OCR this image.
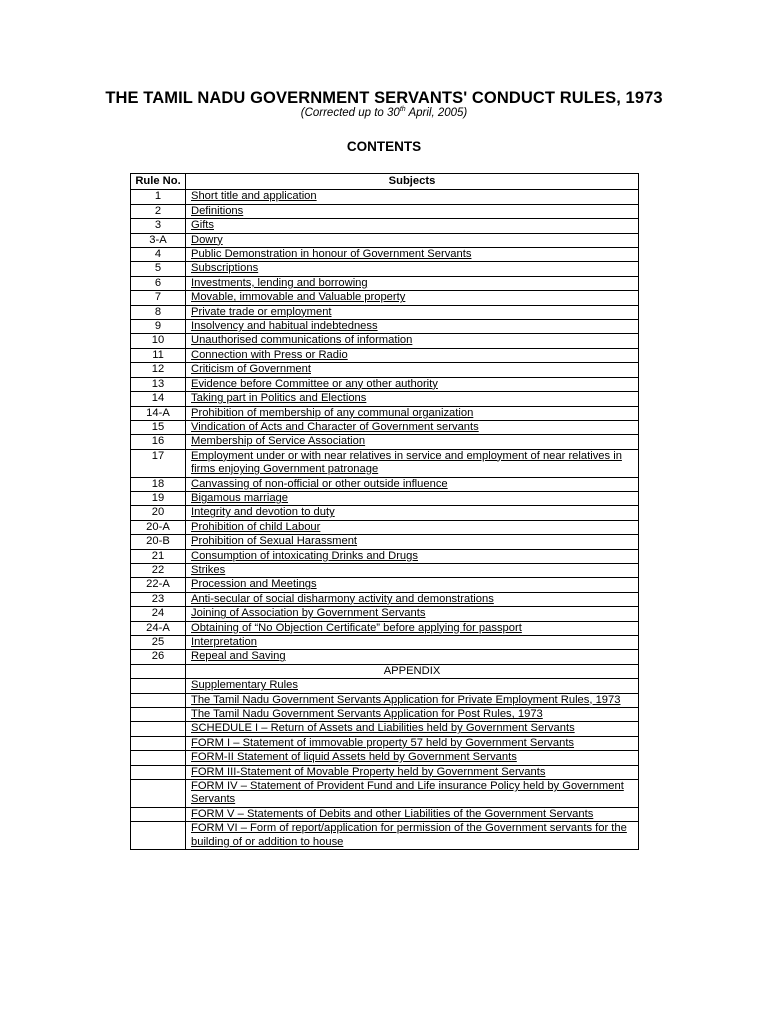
THE TAMIL NADU GOVERNMENT SERVANTS' CONDUCT RULES, 1973
(Corrected up to 30th April, 2005)
CONTENTS
Rule No.	Subjects
1	Short title and application
2	Definitions
3	Gifts
3-A	Dowry
4	Public Demonstration in honour of Government Servants
5	Subscriptions
6	Investments, lending and borrowing
7	Movable, immovable and Valuable property
8	Private trade or employment
9	Insolvency and habitual indebtedness
10	Unauthorised communications of information
11	Connection with Press or Radio
12	Criticism of Government
13	Evidence before Committee or any other authority
14	Taking part in Politics and Elections
14-A	Prohibition of membership of any communal organization
15	Vindication of Acts and Character of Government servants
16	Membership of Service Association
17	Employment under or with near relatives in service and employment of near relatives in firms enjoying Government patronage
18	Canvassing of non-official or other outside influence
19	Bigamous marriage
20	Integrity and devotion to duty
20-A	Prohibition of child Labour
20-B	Prohibition of Sexual Harassment
21	Consumption of intoxicating Drinks and Drugs
22	Strikes
22-A	Procession and Meetings
23	Anti-secular of social disharmony activity and demonstrations
24	Joining of Association by Government Servants
24-A	Obtaining of “No Objection Certificate” before applying for passport
25	Interpretation
26	Repeal and Saving
	APPENDIX
	Supplementary Rules
	The Tamil Nadu Government Servants Application for Private Employment Rules, 1973
	The Tamil Nadu Government Servants Application for Post Rules, 1973
	SCHEDULE I – Return of Assets and Liabilities held by Government Servants
	FORM I – Statement of immovable property 57 held by Government Servants
	FORM-II Statement of liquid Assets held by Government Servants
	FORM III-Statement of Movable Property held by Government Servants
	FORM IV – Statement of Provident Fund and Life insurance Policy held by Government Servants
	FORM V – Statements of Debits and other Liabilities of the Government Servants
	FORM VI – Form of report/application for permission of the Government servants for the building of or addition to house
